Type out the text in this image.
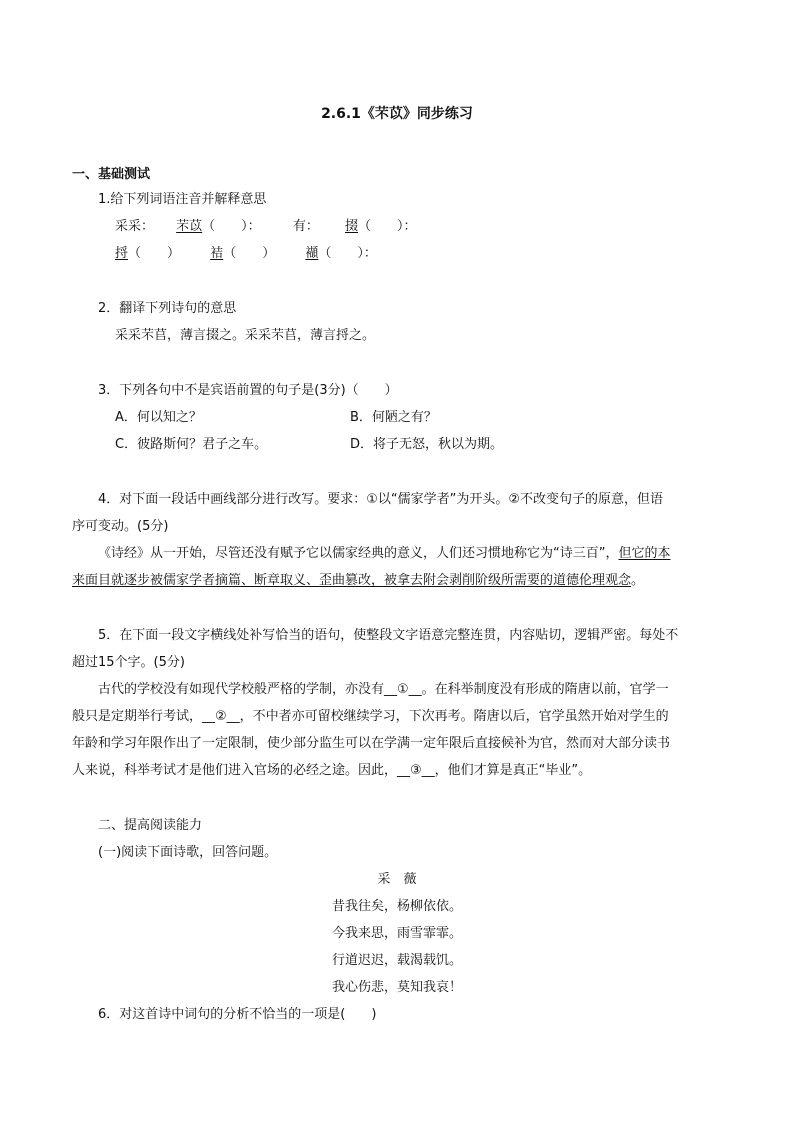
2.6.1《芣苡》同步练习
一、基础测试
1.给下列词语注音并解释意思
采采： 芣苡（　　）： 有： 掇（　　）：
捋（　　） 袺（　　） 襭（　　）：
2．翻译下列诗句的意思
采采芣苢，薄言掇之。采采芣苢，薄言捋之。
3．下列各句中不是宾语前置的句子是(3分)（　　）
A．何以知之？	B．何陋之有？
C．彼路斯何？君子之车。	D．将子无怒，秋以为期。
4．对下面一段话中画线部分进行改写。要求：①以“儒家学者”为开头。②不改变句子的原意，但语
序可变动。(5分)
《诗经》从一开始，尽管还没有赋予它以儒家经典的意义，人们还习惯地称它为“诗三百”，但它的本
来面目就逐步被儒家学者摘篇、断章取义、歪曲篡改，被拿去附会剥削阶级所需要的道德伦理观念。
5．在下面一段文字横线处补写恰当的语句，使整段文字语意完整连贯，内容贴切，逻辑严密。每处不
超过15个字。(5分)
古代的学校没有如现代学校般严格的学制，亦没有__①__。在科举制度没有形成的隋唐以前，官学一
般只是定期举行考试，__②__，不中者亦可留校继续学习，下次再考。隋唐以后，官学虽然开始对学生的
年龄和学习年限作出了一定限制，使少部分监生可以在学满一定年限后直接候补为官，然而对大部分读书
人来说，科举考试才是他们进入官场的必经之途。因此，__③__，他们才算是真正“毕业”。
二、提高阅读能力
(一)阅读下面诗歌，回答问题。
采　薇
昔我往矣，杨柳依依。
今我来思，雨雪霏霏。
行道迟迟，载渴载饥。
我心伤悲，莫知我哀！
6．对这首诗中词句的分析不恰当的一项是(　　)
